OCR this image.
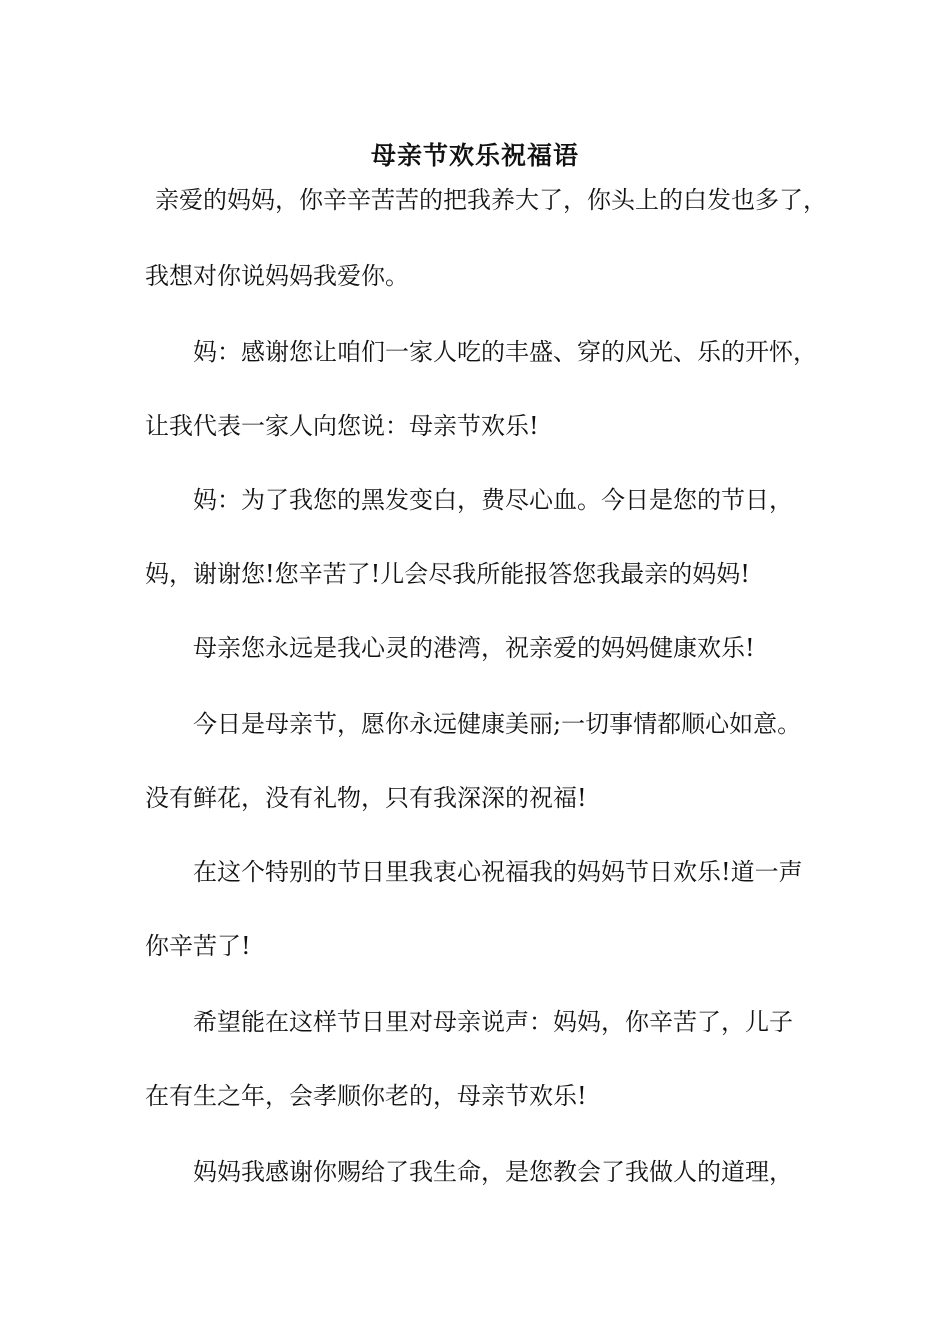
母亲节欢乐祝福语
亲爱的妈妈，你辛辛苦苦的把我养大了，你头上的白发也多了，
我想对你说妈妈我爱你。
妈：感谢您让咱们一家人吃的丰盛、穿的风光、乐的开怀，
让我代表一家人向您说：母亲节欢乐!
妈：为了我您的黑发变白，费尽心血。今日是您的节日，
妈，谢谢您!您辛苦了!儿会尽我所能报答您我最亲的妈妈!
母亲您永远是我心灵的港湾，祝亲爱的妈妈健康欢乐!
今日是母亲节，愿你永远健康美丽;一切事情都顺心如意。
没有鲜花，没有礼物，只有我深深的祝福!
在这个特别的节日里我衷心祝福我的妈妈节日欢乐!道一声
你辛苦了!
希望能在这样节日里对母亲说声：妈妈，你辛苦了，儿子
在有生之年，会孝顺你老的，母亲节欢乐!
妈妈我感谢你赐给了我生命，是您教会了我做人的道理，
